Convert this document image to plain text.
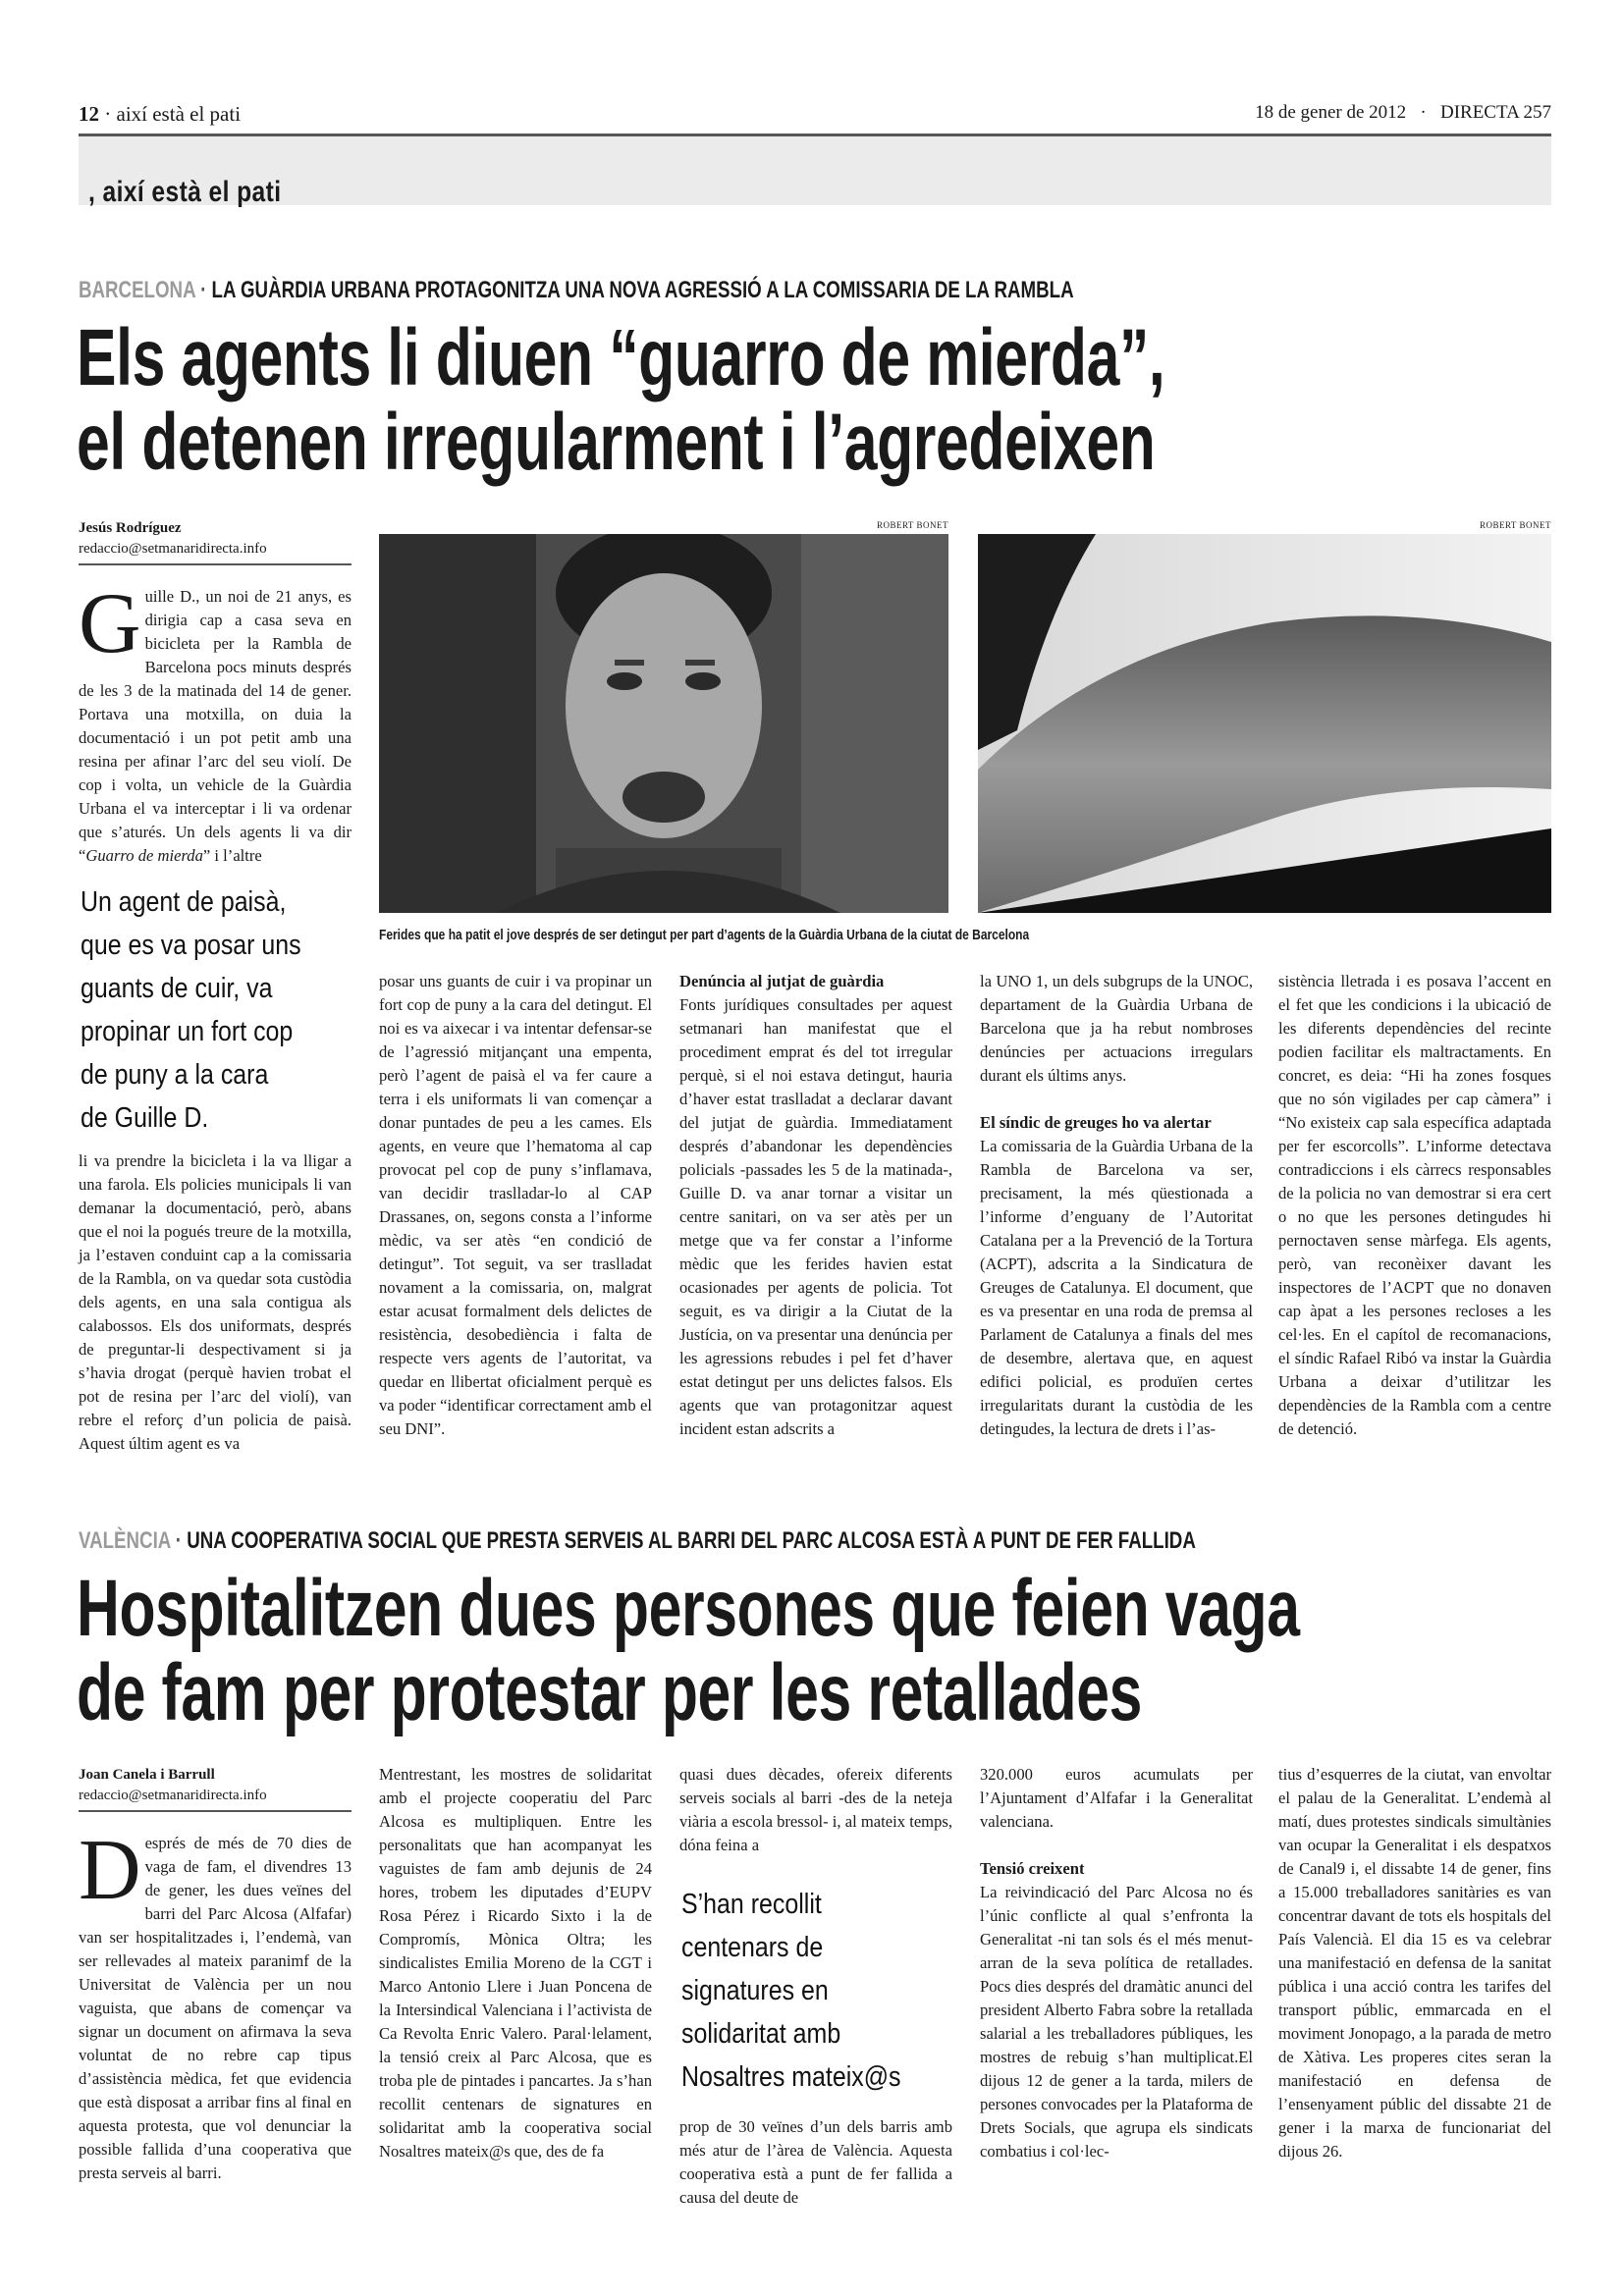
12 · així està el pati	18 de gener de 2012 · DIRECTA 257
, així està el pati
BARCELONA · LA GUÀRDIA URBANA PROTAGONITZA UNA NOVA AGRESSIÓ A LA COMISSARIA DE LA RAMBLA
Els agents li diuen “guarro de mierda”,
el detenen irregularment i l’agredeixen
Jesús Rodríguez
redaccio@setmanaridirecta.info
ROBERT BONET	ROBERT BONET
Ferides que ha patit el jove després de ser detingut per part d’agents de la Guàrdia Urbana de la ciutat de Barcelona

Guille D., un noi de 21 anys, es dirigia cap a casa seva en bicicleta per la Rambla de Barcelona pocs minuts després de les 3 de la matinada del 14 de gener. Portava una motxilla, on duia la documentació i un pot petit amb una resina per afinar l’arc del seu violí. De cop i volta, un vehicle de la Guàrdia Urbana el va interceptar i li va ordenar que s’aturés. Un dels agents li va dir “Guarro de mierda” i l’altre

Un agent de paisà,
que es va posar uns
guants de cuir, va
propinar un fort cop
de puny a la cara
de Guille D.

li va prendre la bicicleta i la va lligar a una farola. Els policies municipals li van demanar la documentació, però, abans que el noi la pogués treure de la motxilla, ja l’estaven conduint cap a la comissaria de la Rambla, on va quedar sota custòdia dels agents, en una sala contigua als calabossos. Els dos uniformats, després de preguntar-li despectivament si ja s’havia drogat (perquè havien trobat el pot de resina per l’arc del violí), van rebre el reforç d’un policia de paisà. Aquest últim agent es va

posar uns guants de cuir i va propinar un fort cop de puny a la cara del detingut. El noi es va aixecar i va intentar defensar-se de l’agressió mitjançant una empenta, però l’agent de paisà el va fer caure a terra i els uniformats li van començar a donar puntades de peu a les cames. Els agents, en veure que l’hematoma al cap provocat pel cop de puny s’inflamava, van decidir traslladar-lo al CAP Drassanes, on, segons consta a l’informe mèdic, va ser atès “en condició de detingut”. Tot seguit, va ser traslladat novament a la comissaria, on, malgrat estar acusat formalment dels delictes de resistència, desobediència i falta de respecte vers agents de l’autoritat, va quedar en llibertat oficialment perquè es va poder “identificar correctament amb el seu DNI”.

Denúncia al jutjat de guàrdia

Fonts jurídiques consultades per aquest setmanari han manifestat que el procediment emprat és del tot irregular perquè, si el noi estava detingut, hauria d’haver estat traslladat a declarar davant del jutjat de guàrdia. Immediatament després d’abandonar les dependències policials -passades les 5 de la matinada-, Guille D. va anar tornar a visitar un centre sanitari, on va ser atès per un metge que va fer constar a l’informe mèdic que les ferides havien estat ocasionades per agents de policia. Tot seguit, es va dirigir a la Ciutat de la Justícia, on va presentar una denúncia per les agressions rebudes i pel fet d’haver estat detingut per uns delictes falsos. Els agents que van protagonitzar aquest incident estan adscrits a

la UNO 1, un dels subgrups de la UNOC, departament de la Guàrdia Urbana de Barcelona que ja ha rebut nombroses denúncies per actuacions irregulars durant els últims anys.

El síndic de greuges ho va alertar

La comissaria de la Guàrdia Urbana de la Rambla de Barcelona va ser, precisament, la més qüestionada a l’informe d’enguany de l’Autoritat Catalana per a la Prevenció de la Tortura (ACPT), adscrita a la Sindicatura de Greuges de Catalunya. El document, que es va presentar en una roda de premsa al Parlament de Catalunya a finals del mes de desembre, alertava que, en aquest edifici policial, es produïen certes irregularitats durant la custòdia de les detingudes, la lectura de drets i l’as-

sistència lletrada i es posava l’accent en el fet que les condicions i la ubicació de les diferents dependències del recinte podien facilitar els maltractaments. En concret, es deia: “Hi ha zones fosques que no són vigilades per cap càmera” i “No existeix cap sala específica adaptada per fer escorcolls”. L’informe detectava contradiccions i els càrrecs responsables de la policia no van demostrar si era cert o no que les persones detingudes hi pernoctaven sense màrfega. Els agents, però, van reconèixer davant les inspectores de l’ACPT que no donaven cap àpat a les persones recloses a les cel·les. En el capítol de recomanacions, el síndic Rafael Ribó va instar la Guàrdia Urbana a deixar d’utilitzar les dependències de la Rambla com a centre de detenció.

VALÈNCIA · UNA COOPERATIVA SOCIAL QUE PRESTA SERVEIS AL BARRI DEL PARC ALCOSA ESTÀ A PUNT DE FER FALLIDA
Hospitalitzen dues persones que feien vaga
de fam per protestar per les retallades
Joan Canela i Barrull
redaccio@setmanaridirecta.info

Després de més de 70 dies de vaga de fam, el divendres 13 de gener, les dues veïnes del barri del Parc Alcosa (Alfafar) van ser hospitalitzades i, l’endemà, van ser rellevades al mateix paranimf de la Universitat de València per un nou vaguista, que abans de començar va signar un document on afirmava la seva voluntat de no rebre cap tipus d’assistència mèdica, fet que evidencia que està disposat a arribar fins al final en aquesta protesta, que vol denunciar la possible fallida d’una cooperativa que presta serveis al barri.

Mentrestant, les mostres de solidaritat amb el projecte cooperatiu del Parc Alcosa es multipliquen. Entre les personalitats que han acompanyat les vaguistes de fam amb dejunis de 24 hores, trobem les diputades d’EUPV Rosa Pérez i Ricardo Sixto i la de Compromís, Mònica Oltra; les sindicalistes Emilia Moreno de la CGT i Marco Antonio Llere i Juan Poncena de la Intersindical Valenciana i l’activista de Ca Revolta Enric Valero. Paral·lelament, la tensió creix al Parc Alcosa, que es troba ple de pintades i pancartes. Ja s’han recollit centenars de signatures en solidaritat amb la cooperativa social Nosaltres mateix@s que, des de fa

quasi dues dècades, ofereix diferents serveis socials al barri -des de la neteja viària a escola bressol- i, al mateix temps, dóna feina a

S’han recollit
centenars de
signatures en
solidaritat amb
Nosaltres mateix@s

prop de 30 veïnes d’un dels barris amb més atur de l’àrea de València. Aquesta cooperativa està a punt de fer fallida a causa del deute de

320.000 euros acumulats per l’Ajuntament d’Alfafar i la Generalitat valenciana.

Tensió creixent

La reivindicació del Parc Alcosa no és l’únic conflicte al qual s’enfronta la Generalitat -ni tan sols és el més menut- arran de la seva política de retallades. Pocs dies després del dramàtic anunci del president Alberto Fabra sobre la retallada salarial a les treballadores públiques, les mostres de rebuig s’han multiplicat.El dijous 12 de gener a la tarda, milers de persones convocades per la Plataforma de Drets Socials, que agrupa els sindicats combatius i col·lec-

tius d’esquerres de la ciutat, van envoltar el palau de la Generalitat. L’endemà al matí, dues protestes sindicals simultànies van ocupar la Generalitat i els despatxos de Canal9 i, el dissabte 14 de gener, fins a 15.000 treballadores sanitàries es van concentrar davant de tots els hospitals del País Valencià. El dia 15 es va celebrar una manifestació en defensa de la sanitat pública i una acció contra les tarifes del transport públic, emmarcada en el moviment Jonopago, a la parada de metro de Xàtiva. Les properes cites seran la manifestació en defensa de l’ensenyament públic del dissabte 21 de gener i la marxa de funcionariat del dijous 26.
